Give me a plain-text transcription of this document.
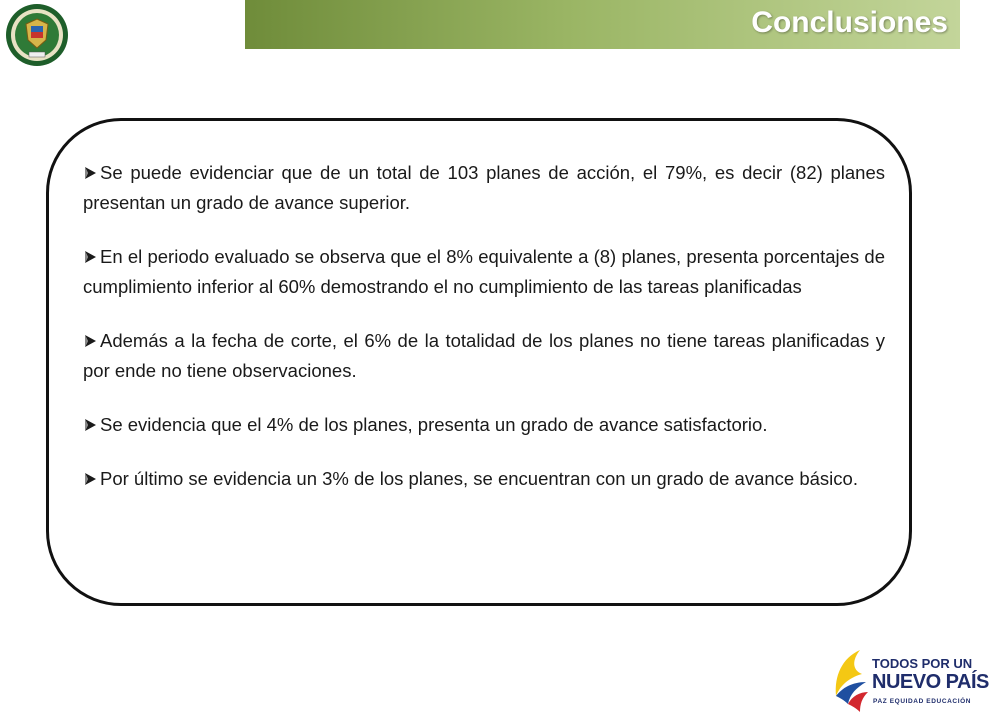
Conclusiones
Se puede evidenciar que de un total de 103 planes de acción, el 79%, es decir (82) planes presentan un grado de avance superior.
En el periodo evaluado se observa que el 8% equivalente a (8) planes, presenta porcentajes de cumplimiento inferior al 60% demostrando el no cumplimiento de las tareas planificadas
Además a la fecha de corte, el 6% de la totalidad de los planes no tiene tareas planificadas y por ende no tiene observaciones.
Se evidencia que el 4% de los planes, presenta un grado de avance satisfactorio.
Por último se evidencia un 3% de los planes, se encuentran con un grado de avance básico.
TODOS POR UN
NUEVO PAÍS
PAZ EQUIDAD EDUCACIÓN
